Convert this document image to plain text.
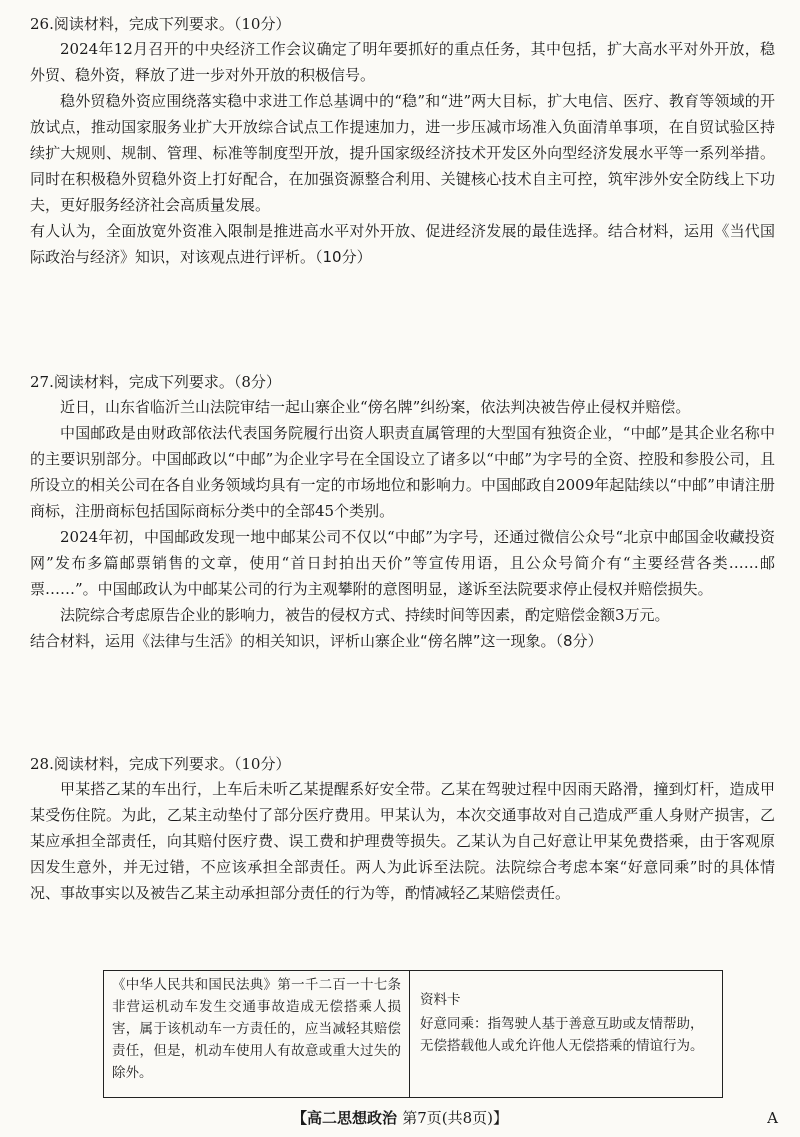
26.阅读材料，完成下列要求。（10分）

2024年12月召开的中央经济工作会议确定了明年要抓好的重点任务，其中包括，扩大高水平对外开放，稳外贸、稳外资，释放了进一步对外开放的积极信号。

稳外贸稳外资应围绕落实稳中求进工作总基调中的“稳”和“进”两大目标，扩大电信、医疗、教育等领域的开放试点，推动国家服务业扩大开放综合试点工作提速加力，进一步压减市场准入负面清单事项，在自贸试验区持续扩大规则、规制、管理、标准等制度型开放，提升国家级经济技术开发区外向型经济发展水平等一系列举措。同时在积极稳外贸稳外资上打好配合，在加强资源整合利用、关键核心技术自主可控，筑牢涉外安全防线上下功夫，更好服务经济社会高质量发展。

有人认为，全面放宽外资准入限制是推进高水平对外开放、促进经济发展的最佳选择。结合材料，运用《当代国际政治与经济》知识，对该观点进行评析。（10分）

27.阅读材料，完成下列要求。（8分）

近日，山东省临沂兰山法院审结一起山寨企业“傍名牌”纠纷案，依法判决被告停止侵权并赔偿。

中国邮政是由财政部依法代表国务院履行出资人职责直属管理的大型国有独资企业，“中邮”是其企业名称中的主要识别部分。中国邮政以“中邮”为企业字号在全国设立了诸多以“中邮”为字号的全资、控股和参股公司，且所设立的相关公司在各自业务领域均具有一定的市场地位和影响力。中国邮政自2009年起陆续以“中邮”申请注册商标，注册商标包括国际商标分类中的全部45个类别。

2024年初，中国邮政发现一地中邮某公司不仅以“中邮”为字号，还通过微信公众号“北京中邮国金收藏投资网”发布多篇邮票销售的文章，使用“首日封拍出天价”等宣传用语，且公众号简介有“主要经营各类……邮票……”。中国邮政认为中邮某公司的行为主观攀附的意图明显，遂诉至法院要求停止侵权并赔偿损失。

法院综合考虑原告企业的影响力，被告的侵权方式、持续时间等因素，酌定赔偿金额3万元。

结合材料，运用《法律与生活》的相关知识，评析山寨企业“傍名牌”这一现象。（8分）

28.阅读材料，完成下列要求。（10分）

甲某搭乙某的车出行，上车后未听乙某提醒系好安全带。乙某在驾驶过程中因雨天路滑，撞到灯杆，造成甲某受伤住院。为此，乙某主动垫付了部分医疗费用。甲某认为，本次交通事故对自己造成严重人身财产损害，乙某应承担全部责任，向其赔付医疗费、误工费和护理费等损失。乙某认为自己好意让甲某免费搭乘，由于客观原因发生意外，并无过错，不应该承担全部责任。两人为此诉至法院。法院综合考虑本案“好意同乘”时的具体情况、事故事实以及被告乙某主动承担部分责任的行为等，酌情减轻乙某赔偿责任。

《中华人民共和国民法典》第一千二百一十七条非营运机动车发生交通事故造成无偿搭乘人损害，属于该机动车一方责任的，应当减轻其赔偿责任，但是，机动车使用人有故意或重大过失的除外。
资料卡
好意同乘：指驾驶人基于善意互助或友情帮助，无偿搭载他人或允许他人无偿搭乘的情谊行为。
【高二思想政治 第7页(共8页)】	A
